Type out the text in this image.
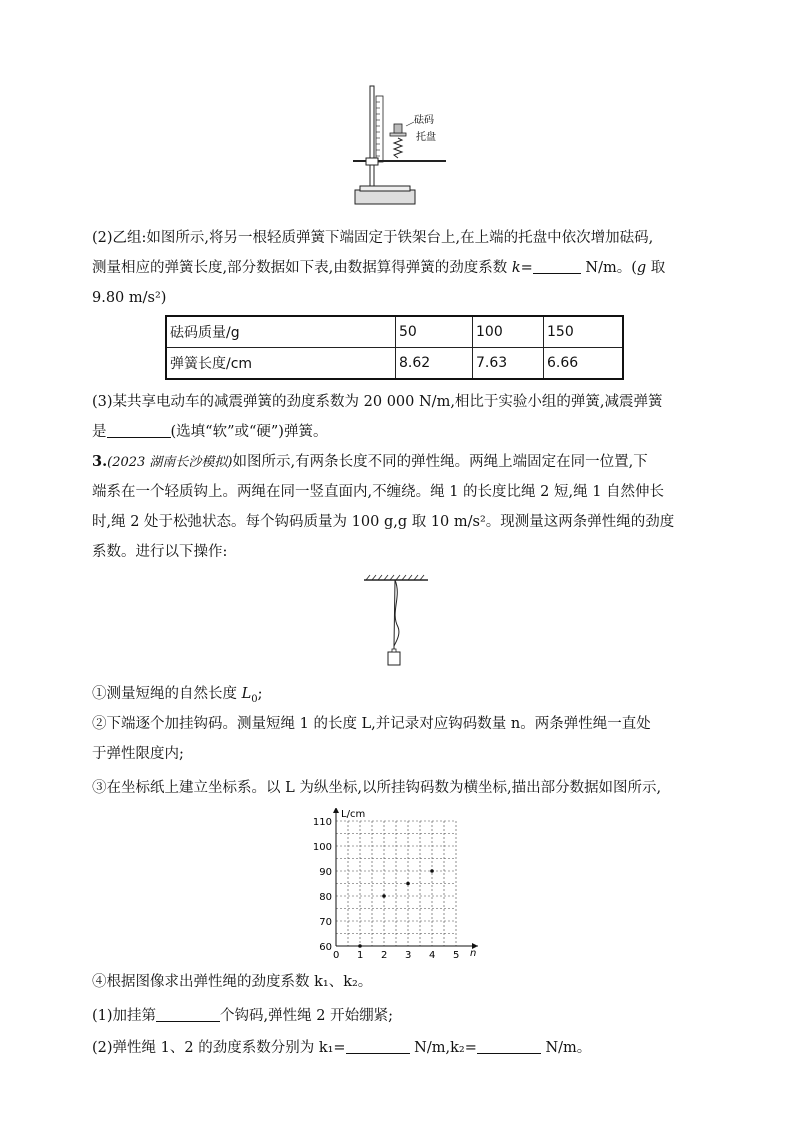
砝码
托盘
(2)乙组:如图所示,将另一根轻质弹簧下端固定于铁架台上,在上端的托盘中依次增加砝码,
测量相应的弹簧长度,部分数据如下表,由数据算得弹簧的劲度系数 k=	N/m。(g 取
9.80 m/s²)
砝码质量/g	50	100	150
弹簧长度/cm	8.62	7.63	6.66
(3)某共享电动车的减震弹簧的劲度系数为 20 000 N/m,相比于实验小组的弹簧,减震弹簧
是	(选填“软”或“硬”)弹簧。
3.(2023 湖南长沙模拟)如图所示,有两条长度不同的弹性绳。两绳上端固定在同一位置,下
端系在一个轻质钩上。两绳在同一竖直面内,不缠绕。绳 1 的长度比绳 2 短,绳 1 自然伸长
时,绳 2 处于松弛状态。每个钩码质量为 100 g,g 取 10 m/s²。现测量这两条弹性绳的劲度
系数。进行以下操作:
①测量短绳的自然长度 $L_0$;
②下端逐个加挂钩码。测量短绳 1 的长度 L,并记录对应钩码数量 n。两条弹性绳一直处
于弹性限度内;
③在坐标纸上建立坐标系。以 L 为纵坐标,以所挂钩码数为横坐标,描出部分数据如图所示,
0 1 2 3 4 5
60
70
80
90
100
110
n
L/cm
④根据图像求出弹性绳的劲度系数 k₁、k₂。
(1)加挂第	个钩码,弹性绳 2 开始绷紧;
(2)弹性绳 1、2 的劲度系数分别为 k₁=	N/m,k₂=	N/m。
